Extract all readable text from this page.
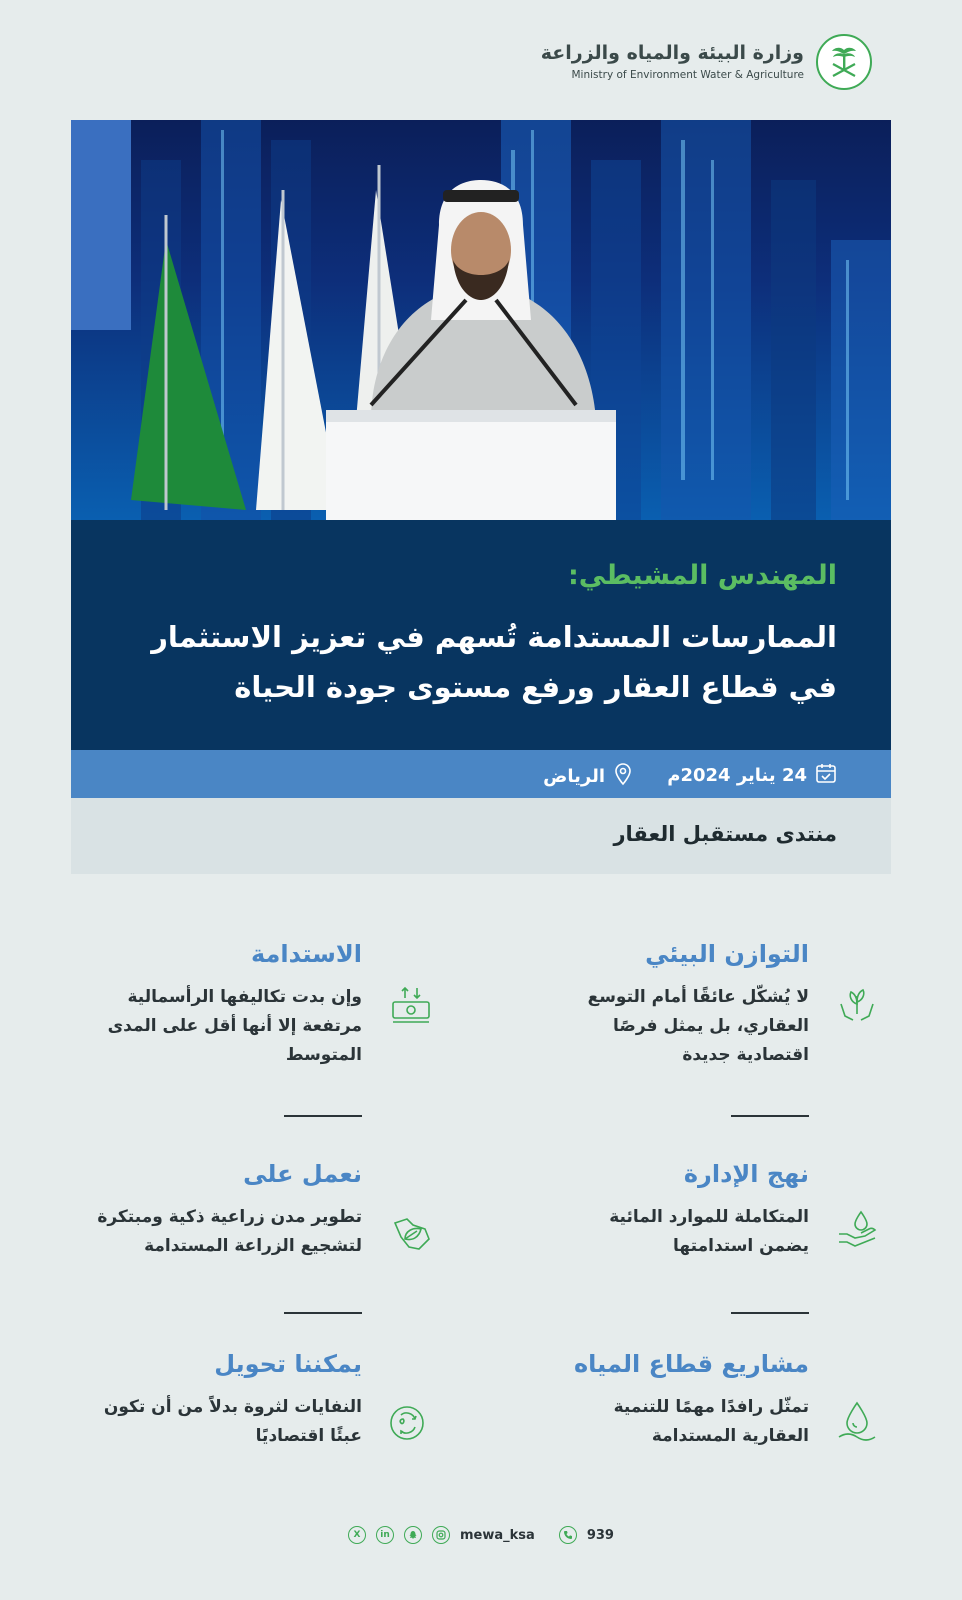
وزارة البيئة والمياه والزراعة
Ministry of Environment Water & Agriculture
المهندس المشيطي:
الممارسات المستدامة تُسهم في تعزيز الاستثمار في قطاع العقار ورفع مستوى جودة الحياة
24 يناير 2024م
الرياض
منتدى مستقبل العقار
التوازن البيئي
لا يُشكّل عائقًا أمام التوسع العقاري، بل يمثل فرصًا اقتصادية جديدة
الاستدامة
وإن بدت تكاليفها الرأسمالية مرتفعة إلا أنها أقل على المدى المتوسط
نهج الإدارة
المتكاملة للموارد المائية يضمن استدامتها
نعمل على
تطوير مدن زراعية ذكية ومبتكرة لتشجيع الزراعة المستدامة
مشاريع قطاع المياه
تمثّل رافدًا مهمًا للتنمية العقارية المستدامة
يمكننا تحويل
النفايات لثروة بدلاً من أن تكون عبئًا اقتصاديًا
X	in	mewa_ksa	939
